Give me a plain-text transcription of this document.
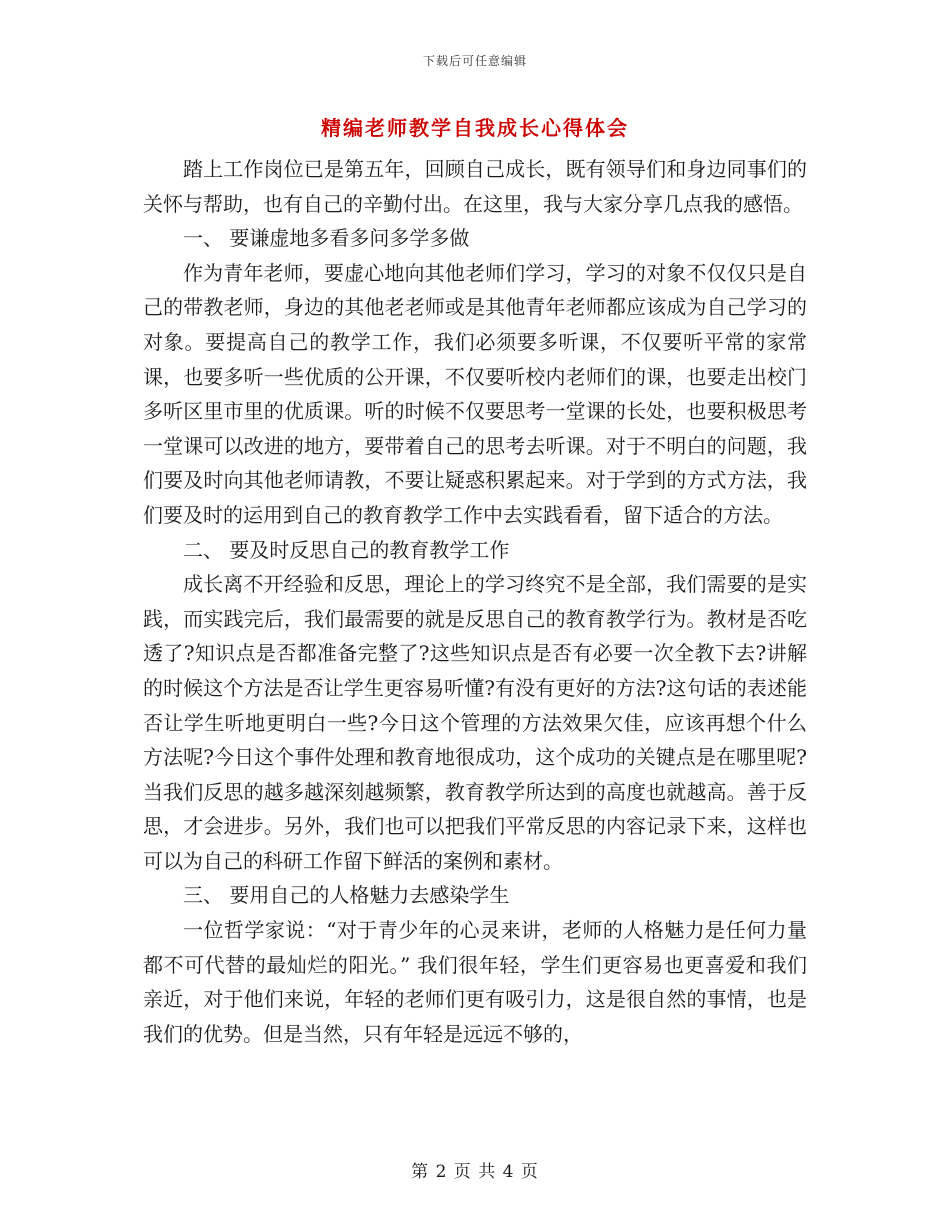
下载后可任意编辑
精编老师教学自我成长心得体会

踏上工作岗位已是第五年，回顾自己成长，既有领导们和身边同事们的关怀与帮助，也有自己的辛勤付出。在这里，我与大家分享几点我的感悟。

一、 要谦虚地多看多问多学多做

作为青年老师，要虚心地向其他老师们学习，学习的对象不仅仅只是自己的带教老师，身边的其他老老师或是其他青年老师都应该成为自己学习的对象。要提高自己的教学工作，我们必须要多听课，不仅要听平常的家常课，也要多听一些优质的公开课，不仅要听校内老师们的课，也要走出校门多听区里市里的优质课。听的时候不仅要思考一堂课的长处，也要积极思考一堂课可以改进的地方，要带着自己的思考去听课。对于不明白的问题，我们要及时向其他老师请教，不要让疑惑积累起来。对于学到的方式方法，我们要及时的运用到自己的教育教学工作中去实践看看，留下适合的方法。

二、 要及时反思自己的教育教学工作

成长离不开经验和反思，理论上的学习终究不是全部，我们需要的是实践，而实践完后，我们最需要的就是反思自己的教育教学行为。教材是否吃透了?知识点是否都准备完整了?这些知识点是否有必要一次全教下去?讲解的时候这个方法是否让学生更容易听懂?有没有更好的方法?这句话的表述能否让学生听地更明白一些?今日这个管理的方法效果欠佳，应该再想个什么方法呢?今日这个事件处理和教育地很成功，这个成功的关键点是在哪里呢?当我们反思的越多越深刻越频繁，教育教学所达到的高度也就越高。善于反思，才会进步。另外，我们也可以把我们平常反思的内容记录下来，这样也可以为自己的科研工作留下鲜活的案例和素材。

三、 要用自己的人格魅力去感染学生

一位哲学家说：“对于青少年的心灵来讲，老师的人格魅力是任何力量都不可代替的最灿烂的阳光。” 我们很年轻，学生们更容易也更喜爱和我们亲近，对于他们来说，年轻的老师们更有吸引力，这是很自然的事情，也是我们的优势。但是当然，只有年轻是远远不够的，

第 2 页 共 4 页
